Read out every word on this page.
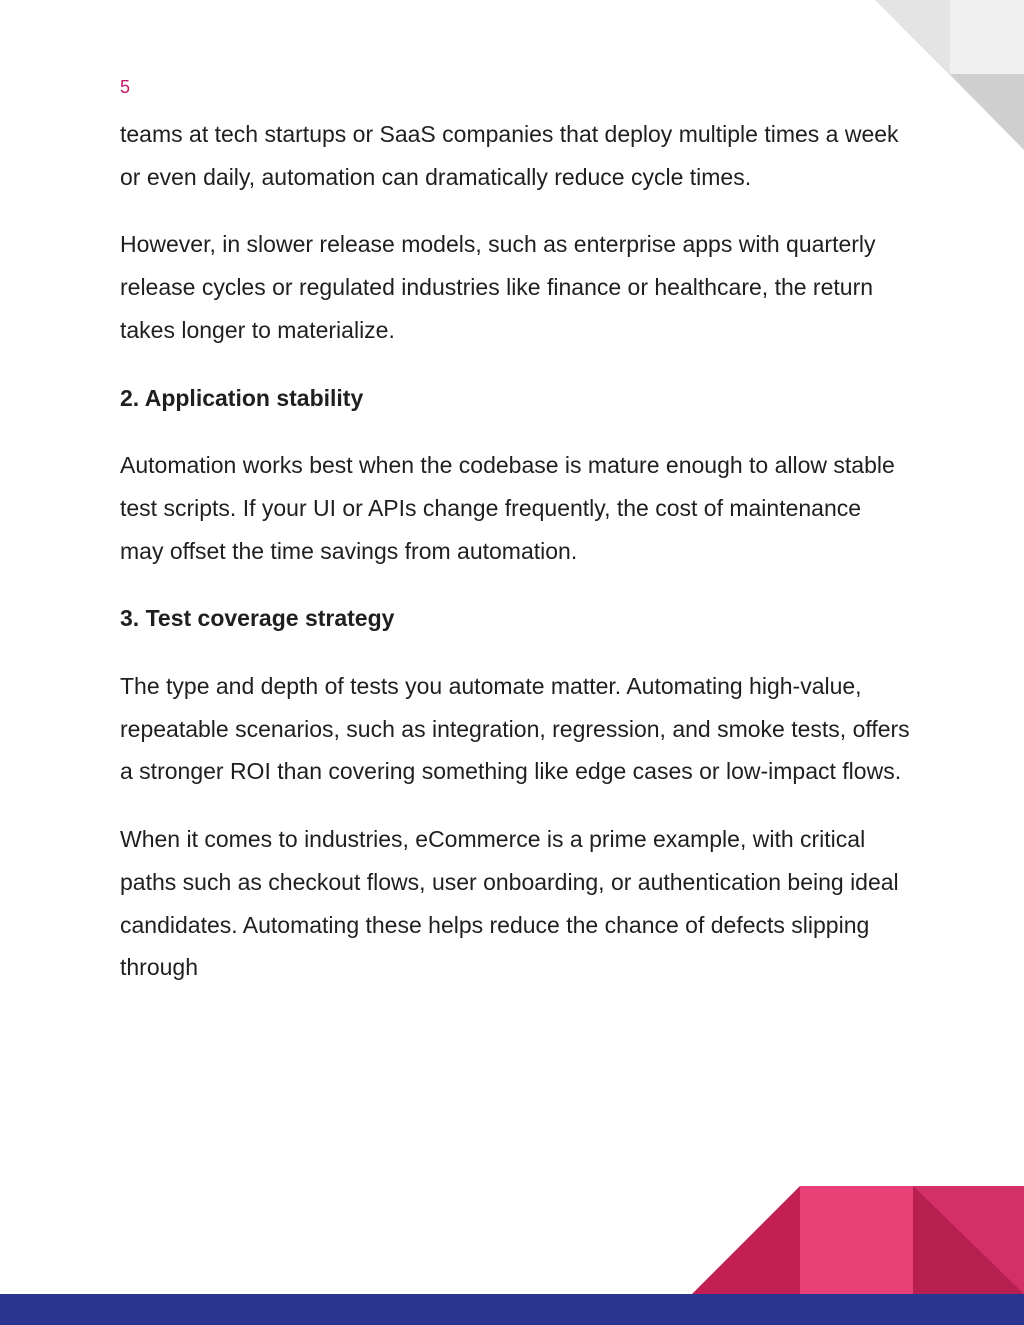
5

teams at tech startups or SaaS companies that deploy multiple times a week or even daily, automation can dramatically reduce cycle times.

However, in slower release models, such as enterprise apps with quarterly release cycles or regulated industries like finance or healthcare, the return takes longer to materialize.

2. Application stability

Automation works best when the codebase is mature enough to allow stable test scripts. If your UI or APIs change frequently, the cost of maintenance may offset the time savings from automation.

3. Test coverage strategy

The type and depth of tests you automate matter. Automating high-value, repeatable scenarios, such as integration, regression, and smoke tests, offers a stronger ROI than covering something like edge cases or low-impact flows.

When it comes to industries, eCommerce is a prime example, with critical paths such as checkout flows, user onboarding, or authentication being ideal candidates. Automating these helps reduce the chance of defects slipping through
